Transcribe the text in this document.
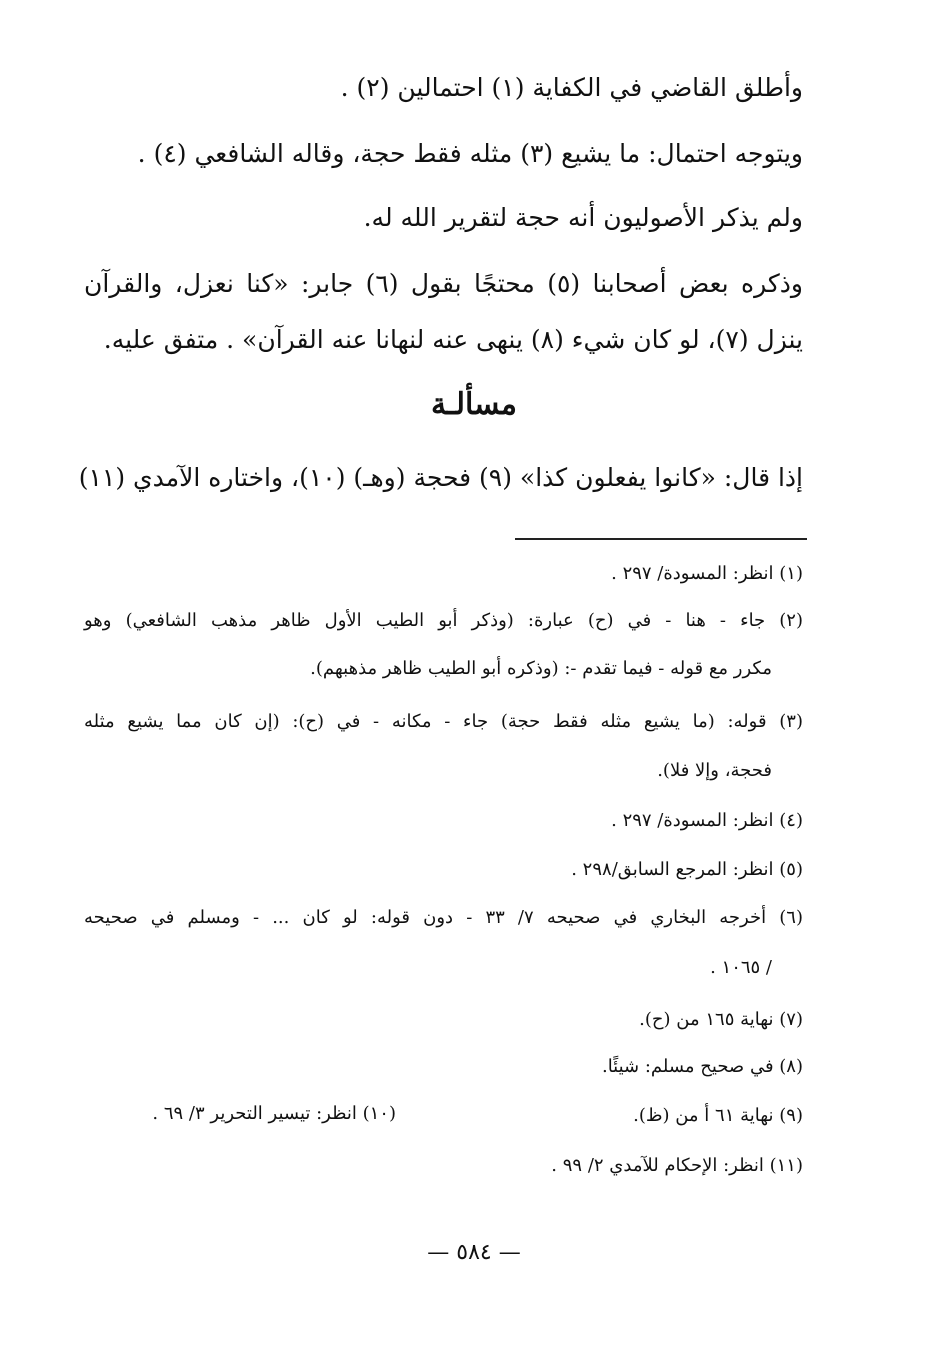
وأطلق القاضي في الكفاية (١) احتمالين (٢) .
ويتوجه احتمال: ما يشيع (٣) مثله فقط حجة، وقاله الشافعي (٤) .
ولم يذكر الأصوليون أنه حجة لتقرير الله له.
وذكره بعض أصحابنا (٥) محتجًا بقول (٦) جابر: «كنا نعزل، والقرآن
ينزل (٧)، لو كان شيء (٨) ينهى عنه لنهانا عنه القرآن» . متفق عليه.
مسألـة
إذا قال: «كانوا يفعلون كذا» (٩) فحجة (وهـ) (١٠)، واختاره الآمدي (١١)
(١) انظر: المسودة/ ٢٩٧ .
(٢) جاء - هنا - في (ح) عبارة: (وذكر أبو الطيب الأول ظاهر مذهب الشافعي) وهو
مكرر مع قوله - فيما تقدم -: (وذكره أبو الطيب ظاهر مذهبهم).
(٣) قوله: (ما يشيع مثله فقط حجة) جاء - مكانه - في (ح): (إن كان مما يشيع مثله
فحجة، وإلا فلا).
(٤) انظر: المسودة/ ٢٩٧ .
(٥) انظر: المرجع السابق/٢٩٨ .
(٦) أخرجه البخاري في صحيحه ٧/ ٣٣ - دون قوله: لو كان ... - ومسلم في صحيحه
/ ١٠٦٥ .
(٧) نهاية ١٦٥ من (ح).
(٨) في صحيح مسلم: شيئًا.
(٩) نهاية ٦١ أ من (ظ).
(١٠) انظر: تيسير التحرير ٣/ ٦٩ .
(١١) انظر: الإحكام للآمدي ٢/ ٩٩ .
— ٥٨٤ —
